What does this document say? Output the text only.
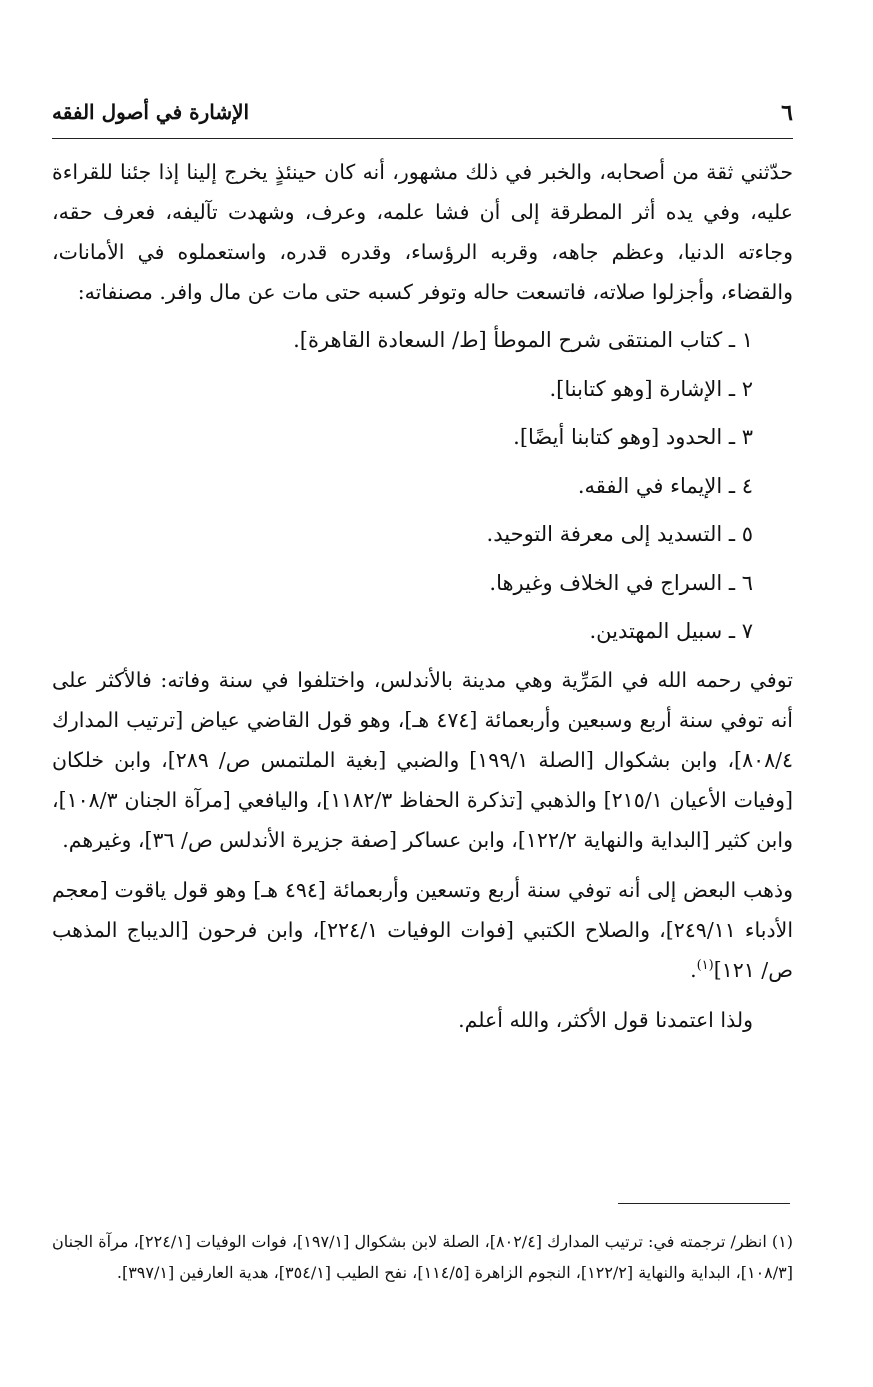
٦
الإشارة في أصول الفقه

حدّثني ثقة من أصحابه، والخبر في ذلك مشهور، أنه كان حينئذٍ يخرج إلينا إذا جئنا للقراءة عليه، وفي يده أثر المطرقة إلى أن فشا علمه، وعرف، وشهدت تآليفه، فعرف حقه، وجاءته الدنيا، وعظم جاهه، وقربه الرؤساء، وقدره قدره، واستعملوه في الأمانات، والقضاء، وأجزلوا صلاته، فاتسعت حاله وتوفر كسبه حتى مات عن مال وافر. مصنفاته:

١ ـ كتاب المنتقى شرح الموطأ [ط/ السعادة القاهرة].
٢ ـ الإشارة [وهو كتابنا].
٣ ـ الحدود [وهو كتابنا أيضًا].
٤ ـ الإيماء في الفقه.
٥ ـ التسديد إلى معرفة التوحيد.
٦ ـ السراج في الخلاف وغيرها.
٧ ـ سبيل المهتدين.

توفي رحمه الله في المَرِّية وهي مدينة بالأندلس، واختلفوا في سنة وفاته: فالأكثر على أنه توفي سنة أربع وسبعين وأربعمائة [٤٧٤ هـ]، وهو قول القاضي عياض [ترتيب المدارك ٨٠٨/٤]، وابن بشكوال [الصلة ١٩٩/١] والضبي [بغية الملتمس ص/ ٢٨٩]، وابن خلكان [وفيات الأعيان ٢١٥/١] والذهبي [تذكرة الحفاظ ١١٨٢/٣]، واليافعي [مرآة الجنان ١٠٨/٣]، وابن كثير [البداية والنهاية ١٢٢/٢]، وابن عساكر [صفة جزيرة الأندلس ص/ ٣٦]، وغيرهم.

وذهب البعض إلى أنه توفي سنة أربع وتسعين وأربعمائة [٤٩٤ هـ] وهو قول ياقوت [معجم الأدباء ٢٤٩/١١]، والصلاح الكتبي [فوات الوفيات ٢٢٤/١]، وابن فرحون [الديباج المذهب ص/ ١٢١]$^{(١)}$.

ولذا اعتمدنا قول الأكثر، والله أعلم.

(١) انظر/ ترجمته في: ترتيب المدارك [٨٠٢/٤]، الصلة لابن بشكوال [١٩٧/١]، فوات الوفيات [٢٢٤/١]، مرآة الجنان [١٠٨/٣]، البداية والنهاية [١٢٢/٢]، النجوم الزاهرة [١١٤/٥]، نفح الطيب [٣٥٤/١]، هدية العارفين [٣٩٧/١].
